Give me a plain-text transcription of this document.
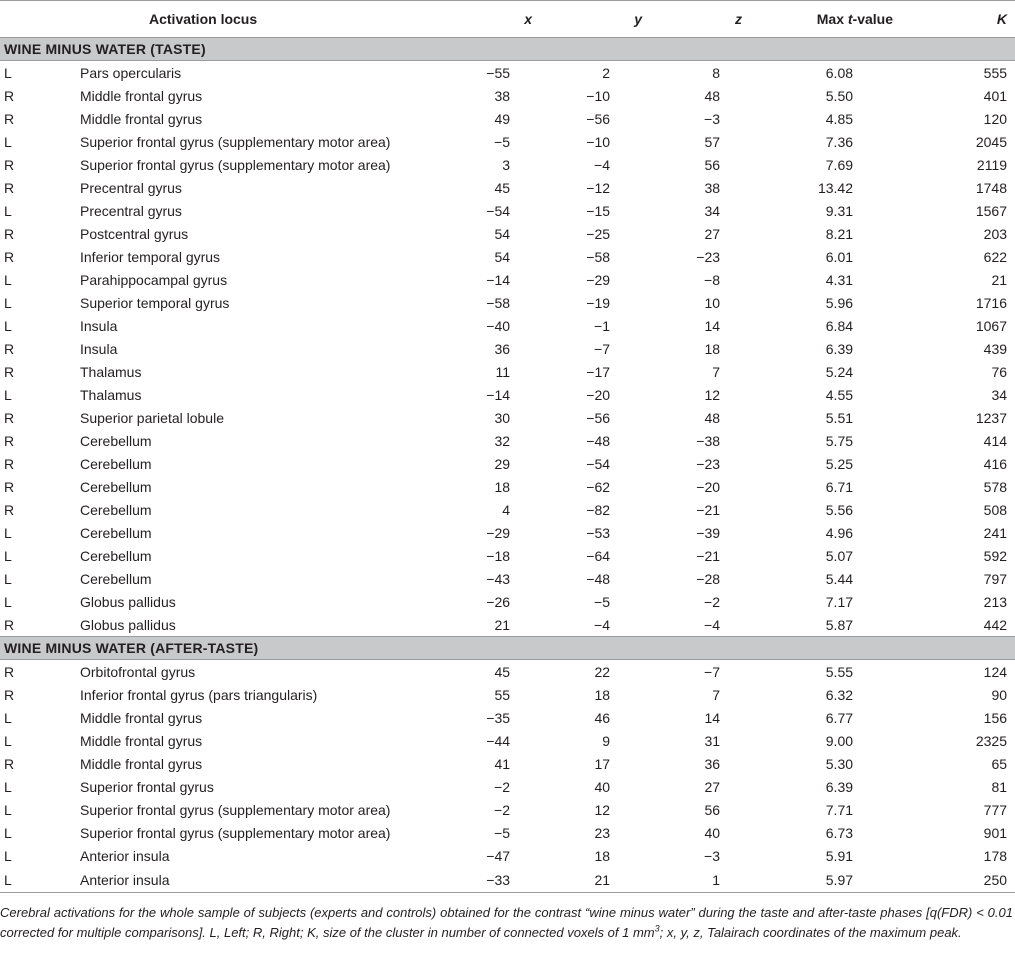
Activation locus		x	y	z	Max t-value	K
WINE MINUS WATER (TASTE)						
L	Pars opercularis	−55	2	8	6.08	555
R	Middle frontal gyrus	38	−10	48	5.50	401
R	Middle frontal gyrus	49	−56	−3	4.85	120
L	Superior frontal gyrus (supplementary motor area)	−5	−10	57	7.36	2045
R	Superior frontal gyrus (supplementary motor area)	3	−4	56	7.69	2119
R	Precentral gyrus	45	−12	38	13.42	1748
L	Precentral gyrus	−54	−15	34	9.31	1567
R	Postcentral gyrus	54	−25	27	8.21	203
R	Inferior temporal gyrus	54	−58	−23	6.01	622
L	Parahippocampal gyrus	−14	−29	−8	4.31	21
L	Superior temporal gyrus	−58	−19	10	5.96	1716
L	Insula	−40	−1	14	6.84	1067
R	Insula	36	−7	18	6.39	439
R	Thalamus	11	−17	7	5.24	76
L	Thalamus	−14	−20	12	4.55	34
R	Superior parietal lobule	30	−56	48	5.51	1237
R	Cerebellum	32	−48	−38	5.75	414
R	Cerebellum	29	−54	−23	5.25	416
R	Cerebellum	18	−62	−20	6.71	578
R	Cerebellum	4	−82	−21	5.56	508
L	Cerebellum	−29	−53	−39	4.96	241
L	Cerebellum	−18	−64	−21	5.07	592
L	Cerebellum	−43	−48	−28	5.44	797
L	Globus pallidus	−26	−5	−2	7.17	213
R	Globus pallidus	21	−4	−4	5.87	442
WINE MINUS WATER (AFTER-TASTE)						
R	Orbitofrontal gyrus	45	22	−7	5.55	124
R	Inferior frontal gyrus (pars triangularis)	55	18	7	6.32	90
L	Middle frontal gyrus	−35	46	14	6.77	156
L	Middle frontal gyrus	−44	9	31	9.00	2325
R	Middle frontal gyrus	41	17	36	5.30	65
L	Superior frontal gyrus	−2	40	27	6.39	81
L	Superior frontal gyrus (supplementary motor area)	−2	12	56	7.71	777
L	Superior frontal gyrus (supplementary motor area)	−5	23	40	6.73	901
L	Anterior insula	−47	18	−3	5.91	178
L	Anterior insula	−33	21	1	5.97	250
Cerebral activations for the whole sample of subjects (experts and controls) obtained for the contrast “wine minus water” during the taste and after-taste phases [q(FDR) < 0.01 corrected for multiple comparisons]. L, Left; R, Right; K, size of the cluster in number of connected voxels of 1 $mm^3$; x, y, z, Talairach coordinates of the maximum peak.
